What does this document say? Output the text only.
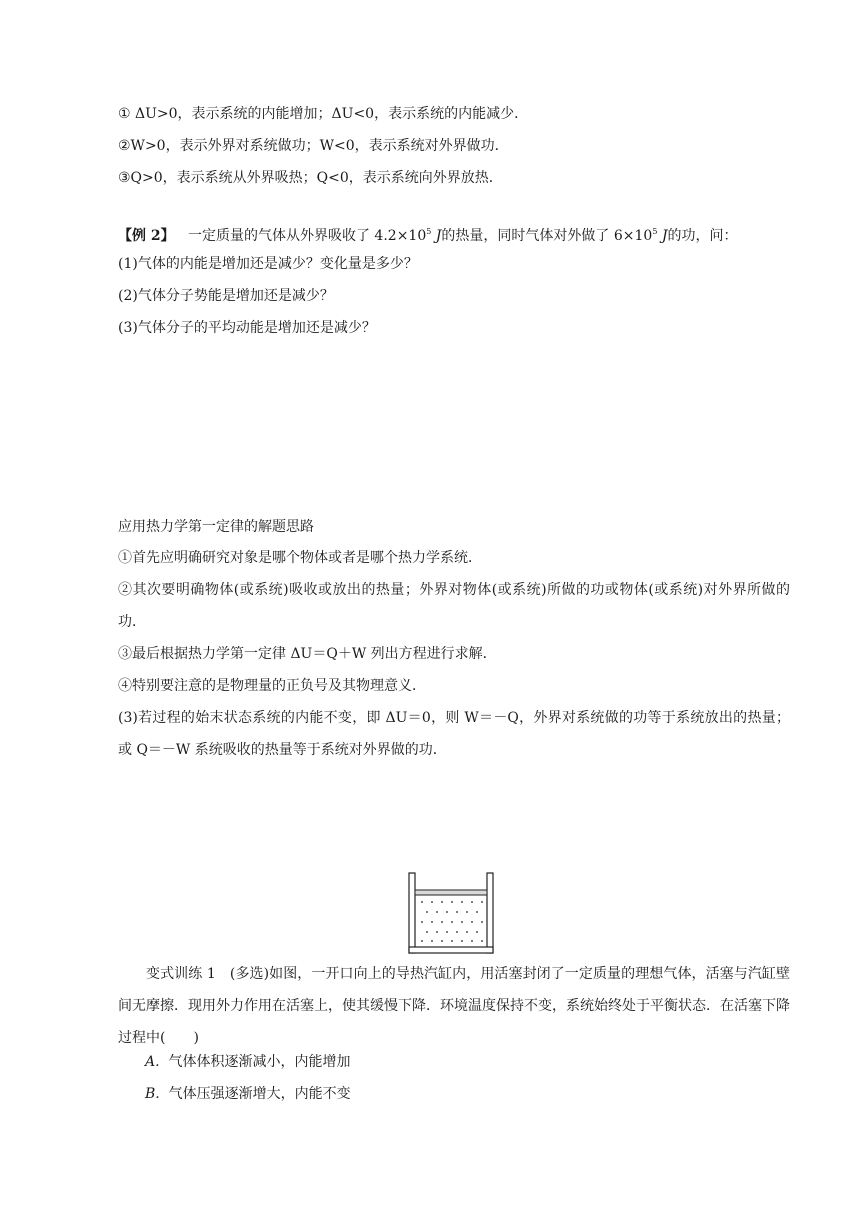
① ΔU>0，表示系统的内能增加；ΔU<0，表示系统的内能减少．
②W>0，表示外界对系统做功；W<0，表示系统对外界做功．
③Q>0，表示系统从外界吸热；Q<0，表示系统向外界放热．
【例 2】 一定质量的气体从外界吸收了 $4.2\times 10^5$ J的热量，同时气体对外做了 $6\times 10^5$ J的功，问：
(1)气体的内能是增加还是减少？变化量是多少？
(2)气体分子势能是增加还是减少？
(3)气体分子的平均动能是增加还是减少？
应用热力学第一定律的解题思路
①首先应明确研究对象是哪个物体或者是哪个热力学系统．
②其次要明确物体(或系统)吸收或放出的热量；外界对物体(或系统)所做的功或物体(或系统)对外界所做的功．
③最后根据热力学第一定律 ΔU＝Q＋W 列出方程进行求解．
④特别要注意的是物理量的正负号及其物理意义．
(3)若过程的始末状态系统的内能不变，即 ΔU＝0，则 W＝－Q，外界对系统做的功等于系统放出的热量；或 Q＝－W 系统吸收的热量等于系统对外界做的功．
变式训练 1　(多选)如图，一开口向上的导热汽缸内，用活塞封闭了一定质量的理想气体，活塞与汽缸壁间无摩擦．现用外力作用在活塞上，使其缓慢下降．环境温度保持不变，系统始终处于平衡状态．在活塞下降过程中(　　)
A. 气体体积逐渐减小，内能增加
B. 气体压强逐渐增大，内能不变
